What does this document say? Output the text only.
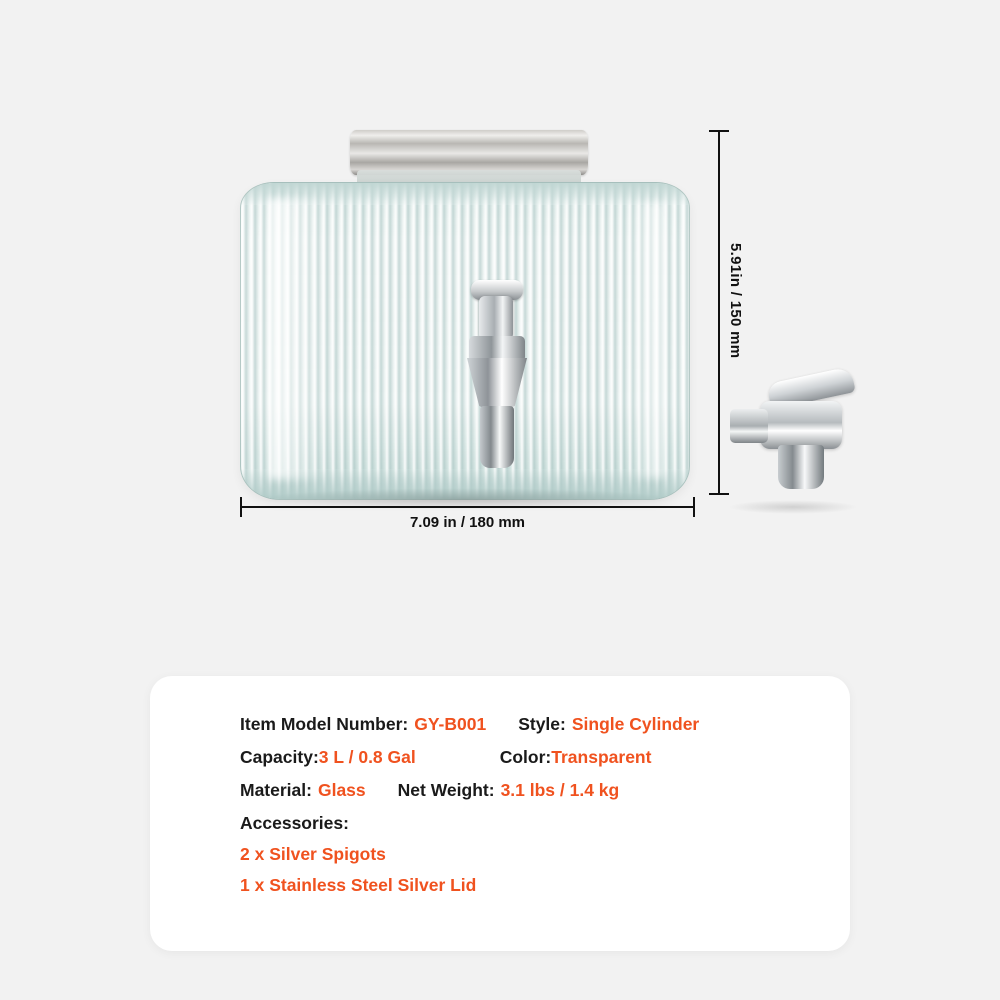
5.91in / 150 mm
7.09 in / 180 mm
Item Model Number: GY-B001 Style: Single Cylinder
Capacity: 3 L / 0.8 Gal	Color: Transparent
Material: Glass Net Weight: 3.1 lbs / 1.4 kg
Accessories:
2 x Silver Spigots
1 x Stainless Steel Silver Lid
